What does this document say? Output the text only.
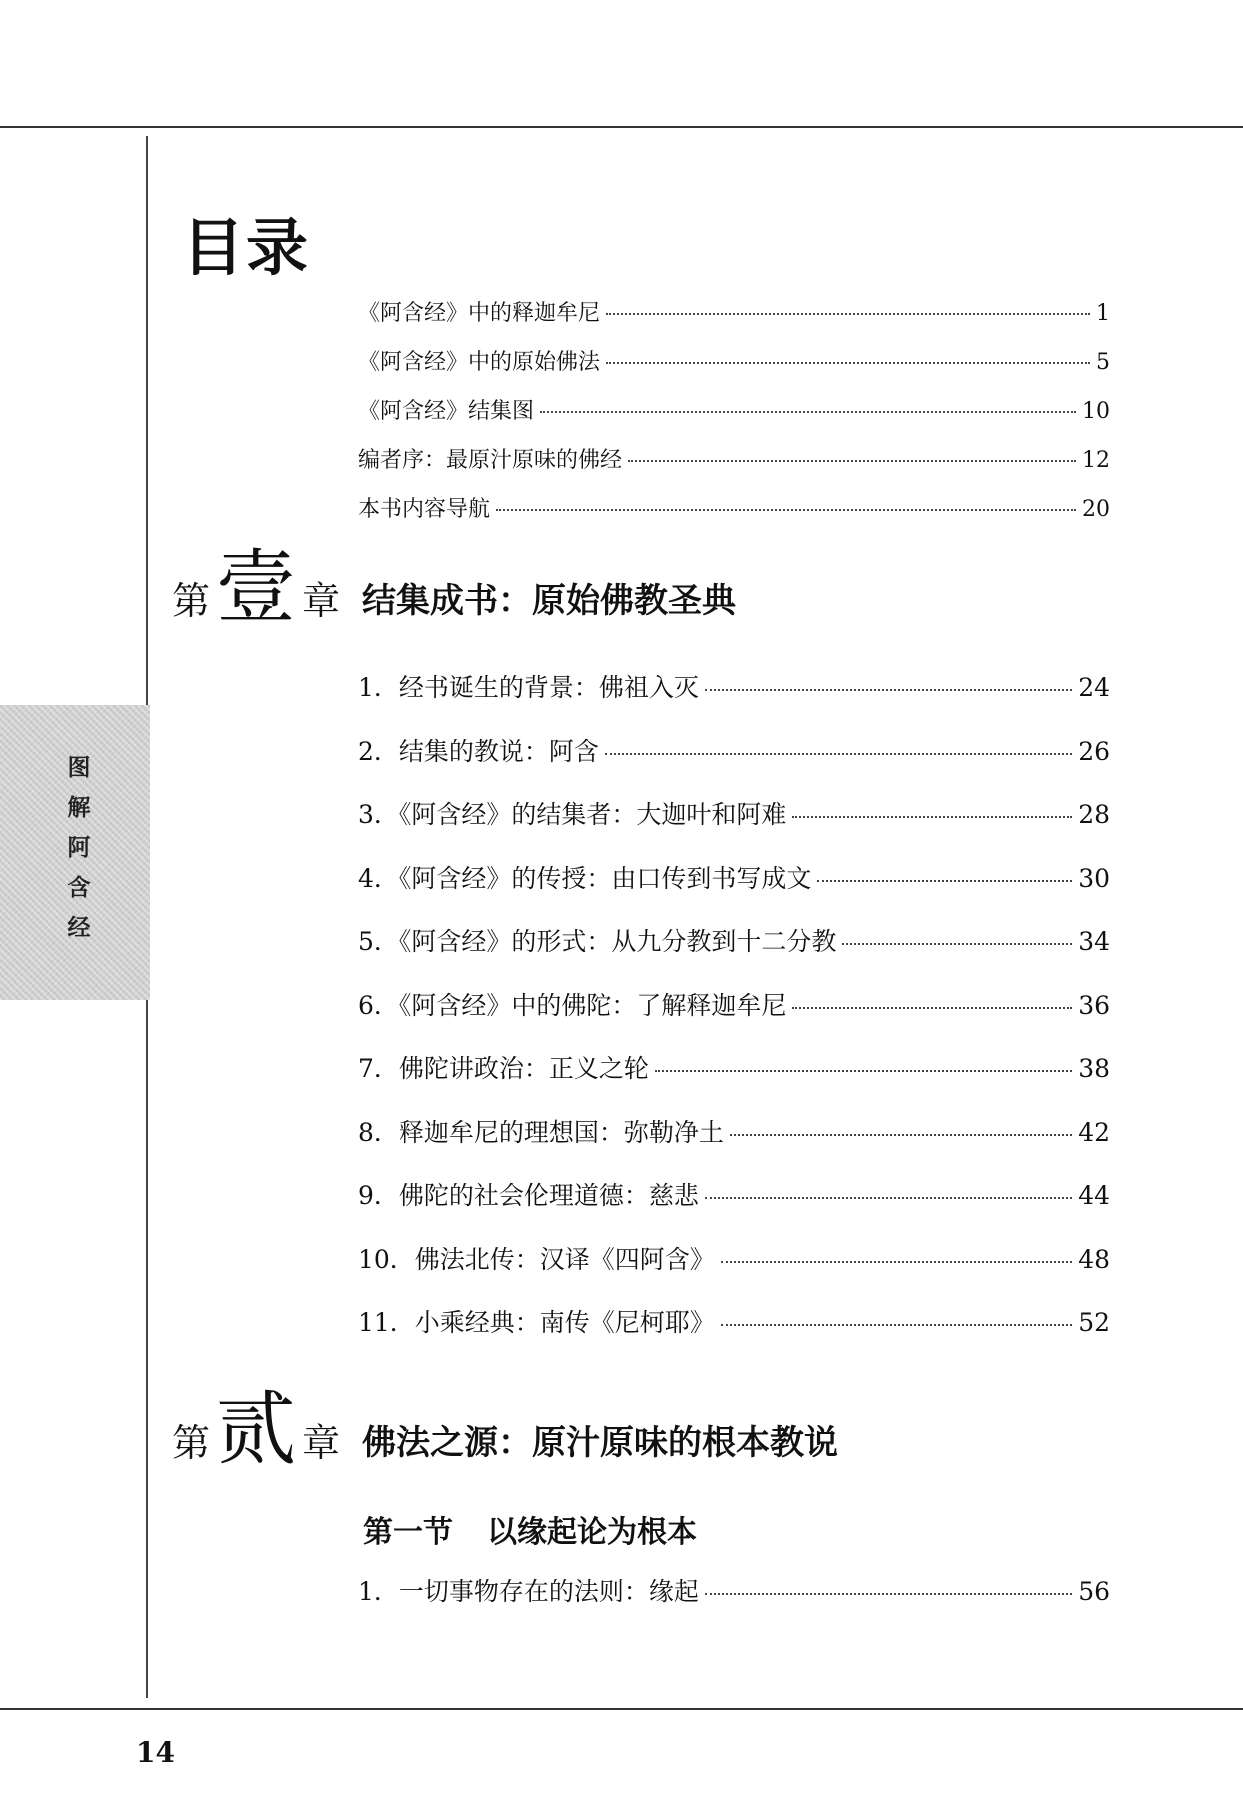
图
解
阿
含
经
目录
《阿含经》中的释迦牟尼	1
《阿含经》中的原始佛法	5
《阿含经》结集图	10
编者序：最原汁原味的佛经	12
本书内容导航	20
第 壹 章 结集成书：原始佛教圣典
1．经书诞生的背景：佛祖入灭	24
2．结集的教说：阿含	26
3．《阿含经》的结集者：大迦叶和阿难	28
4．《阿含经》的传授：由口传到书写成文	30
5．《阿含经》的形式：从九分教到十二分教	34
6．《阿含经》中的佛陀：了解释迦牟尼	36
7．佛陀讲政治：正义之轮	38
8．释迦牟尼的理想国：弥勒净土	42
9．佛陀的社会伦理道德：慈悲	44
10．佛法北传：汉译《四阿含》	48
11．小乘经典：南传《尼柯耶》	52
第 贰 章 佛法之源：原汁原味的根本教说
第一节 以缘起论为根本
1．一切事物存在的法则：缘起	56
14
